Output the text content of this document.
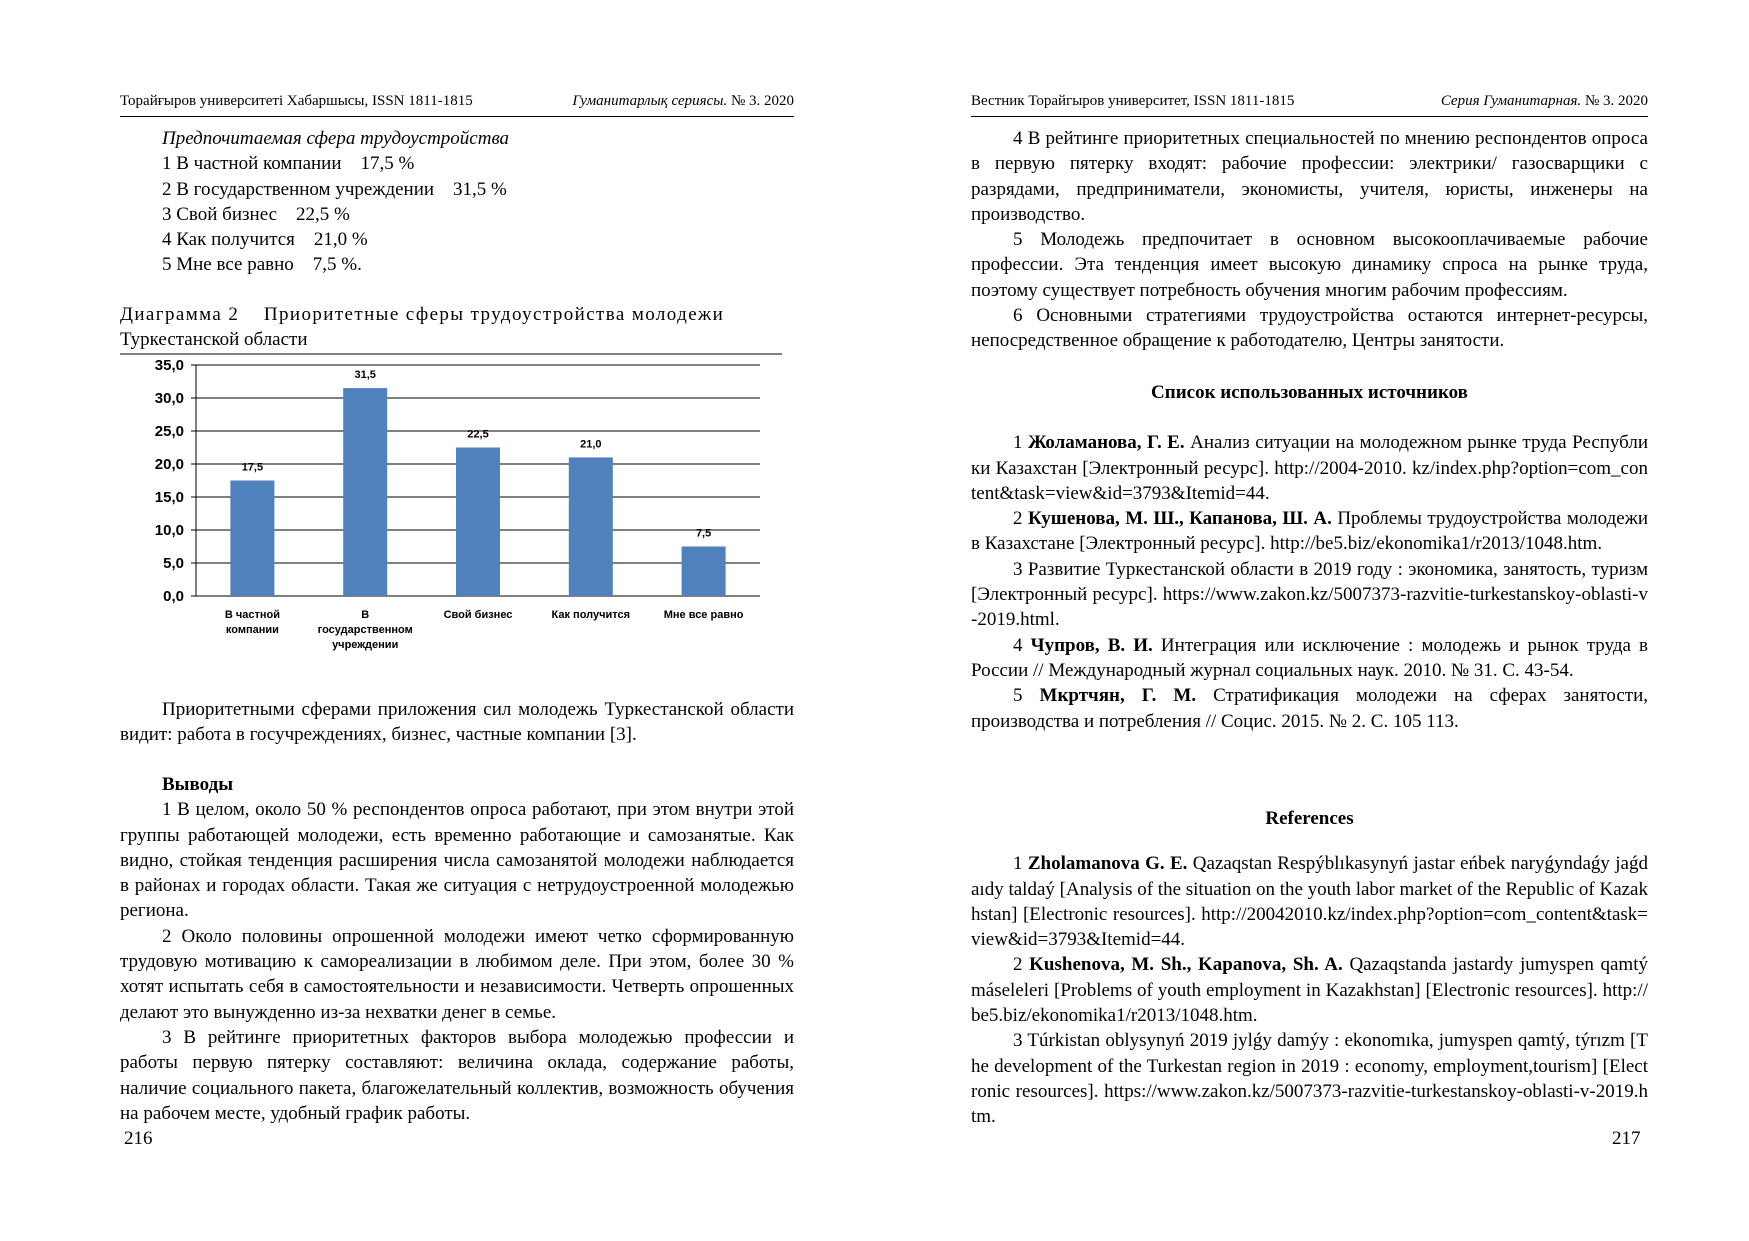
Торайғыров университеті Хабаршысы, ISSN 1811-1815	Гуманитарлық сериясы. № 3. 2020

Предпочитаемая сфера трудоустройства

1 В частной компании    17,5 %

2 В государственном учреждении    31,5 %

3 Свой бизнес    22,5 %

4 Как получится    21,0 %

5 Мне все равно    7,5 %.

Диаграмма 2    Приоритетные сферы трудоустройства молодежи

Туркестанской области

0,0
5,0
10,0
15,0
20,0
25,0
30,0
35,0
17,5
В частной
компании
31,5
В
государственном
учреждении
22,5
Свой бизнес
21,0
Как получится
7,5
Мне все равно

Приоритетными сферами приложения сил молодежь Туркестанской области видит: работа в госучреждениях, бизнес, частные компании [3].

Выводы

1 В целом, около 50 % респондентов опроса работают, при этом внутри этой группы работающей молодежи, есть временно работающие и самозанятые. Как видно, стойкая тенденция расширения числа самозанятой молодежи наблюдается в районах и городах области. Такая же ситуация с нетрудоустроенной молодежью региона.

2 Около половины опрошенной молодежи имеют четко сформированную трудовую мотивацию к самореализации в любимом деле. При этом, более 30 % хотят испытать себя в самостоятельности и независимости. Четверть опрошенных делают это вынужденно из-за нехватки денег в семье.

3 В рейтинге приоритетных факторов выбора молодежью профессии и работы первую пятерку составляют: величина оклада, содержание работы, наличие социального пакета, благожелательный коллектив, возможность обучения на рабочем месте, удобный график работы.

216
Вестник Торайгыров университет, ISSN 1811-1815	Серия Гуманитарная. № 3. 2020

4 В рейтинге приоритетных специальностей по мнению респондентов опроса в первую пятерку входят: рабочие профессии: электрики/ газосварщики с разрядами, предприниматели, экономисты, учителя, юристы, инженеры на производство.

5 Молодежь предпочитает в основном высокооплачиваемые рабочие профессии. Эта тенденция имеет высокую динамику спроса на рынке труда, поэтому существует потребность обучения многим рабочим профессиям.

6 Основными стратегиями трудоустройства остаются интернет-ресурсы, непосредственное обращение к работодателю, Центры занятости.

Список использованных источников

1 Жоламанова, Г. Е. Анализ ситуации на молодежном рынке труда Республики Казахстан [Электронный ресурс]. http://2004-2010. kz/index.php?option=com_content&task=view&id=3793&Itemid=44.

2 Кушенова, М. Ш., Капанова, Ш. А. Проблемы трудоустройства молодежи в Казахстане [Электронный ресурс]. http://be5.biz/ekonomika1/r2013/1048.htm.

3 Развитие Туркестанской области в 2019 году : экономика, занятость, туризм [Электронный ресурс]. https://www.zakon.kz/5007373-razvitie-turkestanskoy-oblasti-v-2019.html.

4 Чупров, В. И. Интеграция или исключение : молодежь и рынок труда в России // Международный журнал социальных наук. 2010. № 31. С. 43-54.

5 Мкртчян, Г. М. Стратификация молодежи на сферах занятости, производства и потребления // Социс. 2015. № 2. С. 105 113.

References

1 Zholamanova G. E. Qazaqstan Respýblıkasynyń jastar eńbek naryǵyndaǵy jaǵdaıdy taldaý [Analysis of the situation on the youth labor market of the Republic of Kazakhstan] [Electronic resources]. http://20042010.kz/index.php?option=com_content&task=view&id=3793&Itemid=44.

2 Kushenova, M. Sh., Kapanova, Sh. A. Qazaqstanda jastardy jumyspen qamtý máseleleri [Problems of youth employment in Kazakhstan] [Electronic resources]. http://be5.biz/ekonomika1/r2013/1048.htm.

3 Túrkistan oblysynyń 2019 jylǵy damýy : ekonomıka, jumyspen qamtý, týrızm [The development of the Turkestan region in 2019 : economy, employment,tourism] [Electronic resources]. https://www.zakon.kz/5007373-razvitie-turkestanskoy-oblasti-v-2019.htm.

217
